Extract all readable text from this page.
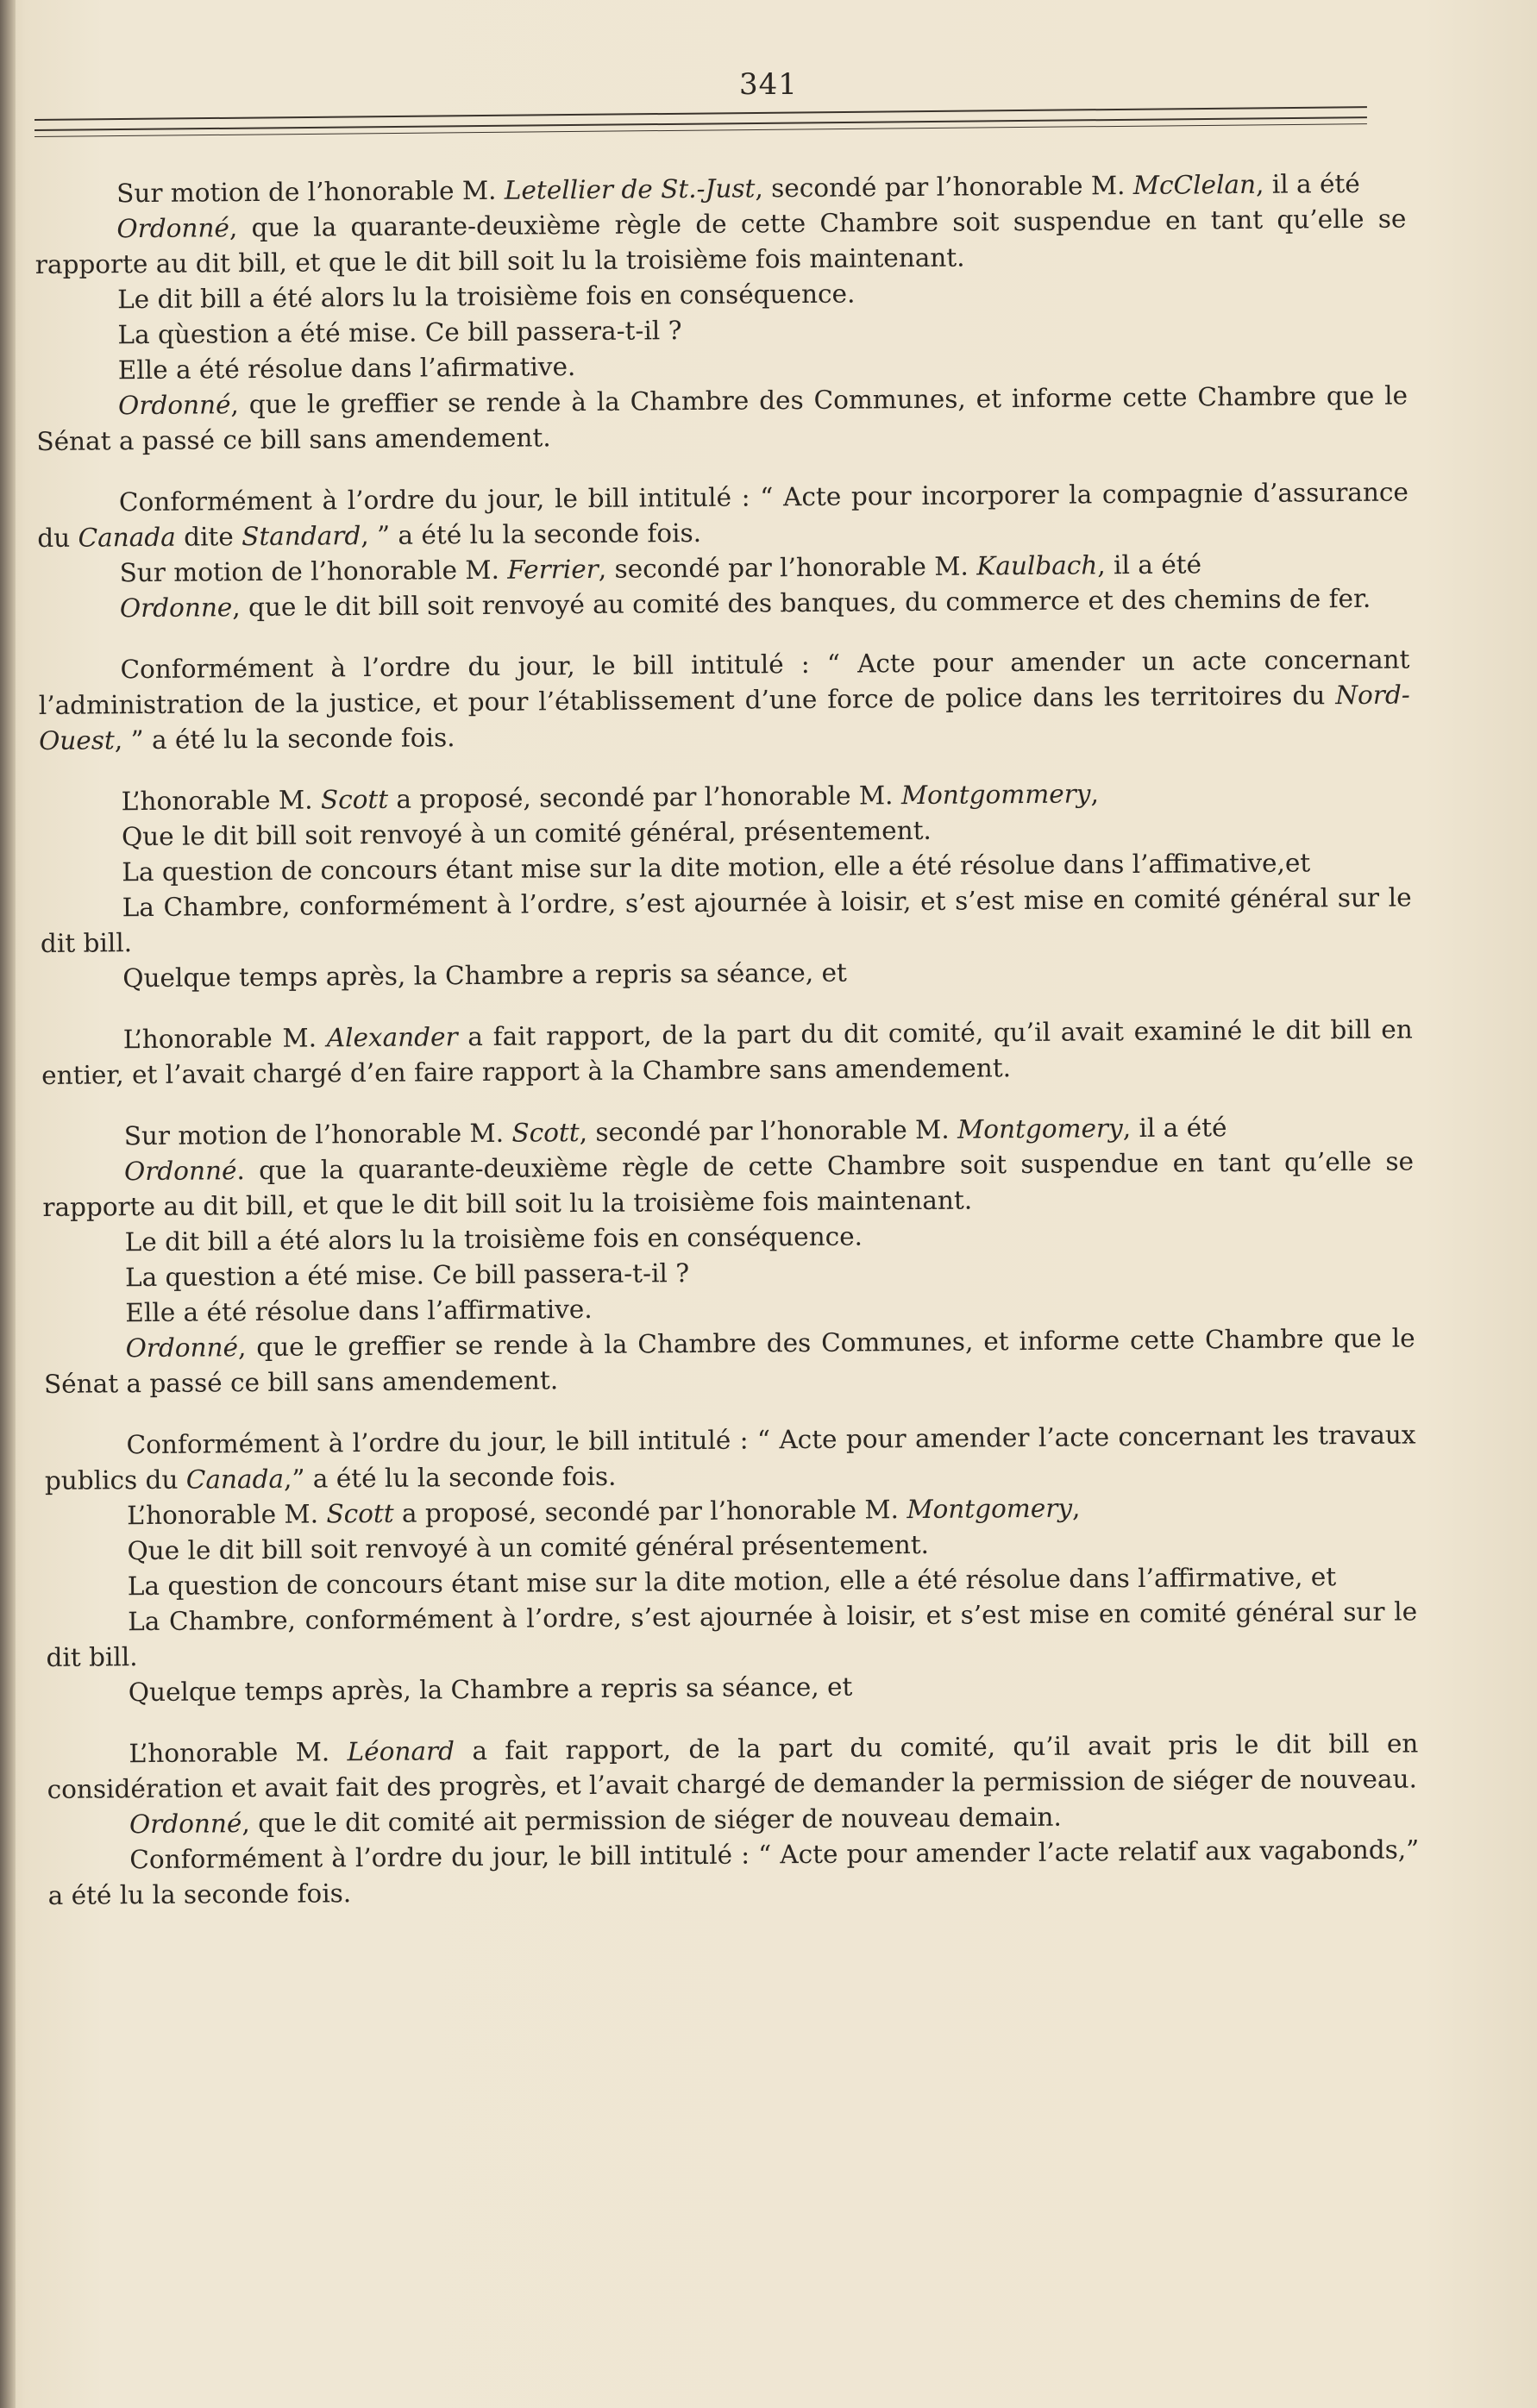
341

Sur motion de l’honorable M. Letellier de St.-Just, secondé par l’honorable M. McClelan, il a été

Ordonné, que la quarante-deuxième règle de cette Chambre soit suspendue en tant qu’elle se rapporte au dit bill, et que le dit bill soit lu la troisième fois maintenant.

Le dit bill a été alors lu la troisième fois en conséquence.

La qùestion a été mise. Ce bill passera-t-il ?

Elle a été résolue dans l’afirmative.

Ordonné, que le greffier se rende à la Chambre des Communes, et informe cette Chambre que le Sénat a passé ce bill sans amendement.

Conformément à l’ordre du jour, le bill intitulé : “ Acte pour incorporer la compagnie d’assurance du Canada dite Standard, ” a été lu la seconde fois.

Sur motion de l’honorable M. Ferrier, secondé par l’honorable M. Kaulbach, il a été

Ordonne, que le dit bill soit renvoyé au comité des banques, du commerce et des chemins de fer.

Conformément à l’ordre du jour, le bill intitulé : “ Acte pour amender un acte concernant l’administration de la justice, et pour l’établissement d’une force de police dans les territoires du Nord-Ouest, ” a été lu la seconde fois.

L’honorable M. Scott a proposé, secondé par l’honorable M. Montgommery,

Que le dit bill soit renvoyé à un comité général, présentement.

La question de concours étant mise sur la dite motion, elle a été résolue dans l’affimative,et

La Chambre, conformément à l’ordre, s’est ajournée à loisir, et s’est mise en comité général sur le dit bill.

Quelque temps après, la Chambre a repris sa séance, et

L’honorable M. Alexander a fait rapport, de la part du dit comité, qu’il avait examiné le dit bill en entier, et l’avait chargé d’en faire rapport à la Chambre sans amendement.

Sur motion de l’honorable M. Scott, secondé par l’honorable M. Montgomery, il a été

Ordonné. que la quarante-deuxième règle de cette Chambre soit suspendue en tant qu’elle se rapporte au dit bill, et que le dit bill soit lu la troisième fois maintenant.

Le dit bill a été alors lu la troisième fois en conséquence.

La question a été mise. Ce bill passera-t-il ?

Elle a été résolue dans l’affirmative.

Ordonné, que le greffier se rende à la Chambre des Communes, et informe cette Chambre que le Sénat a passé ce bill sans amendement.

Conformément à l’ordre du jour, le bill intitulé : “ Acte pour amender l’acte concernant les travaux publics du Canada,” a été lu la seconde fois.

L’honorable M. Scott a proposé, secondé par l’honorable M. Montgomery,

Que le dit bill soit renvoyé à un comité général présentement.

La question de concours étant mise sur la dite motion, elle a été résolue dans l’affirmative, et

La Chambre, conformément à l’ordre, s’est ajournée à loisir, et s’est mise en comité général sur le dit bill.

Quelque temps après, la Chambre a repris sa séance, et

L’honorable M. Léonard a fait rapport, de la part du comité, qu’il avait pris le dit bill en considération et avait fait des progrès, et l’avait chargé de demander la permission de siéger de nouveau.

Ordonné, que le dit comité ait permission de siéger de nouveau demain.

Conformément à l’ordre du jour, le bill intitulé : “ Acte pour amender l’acte relatif aux vagabonds,” a été lu la seconde fois.
